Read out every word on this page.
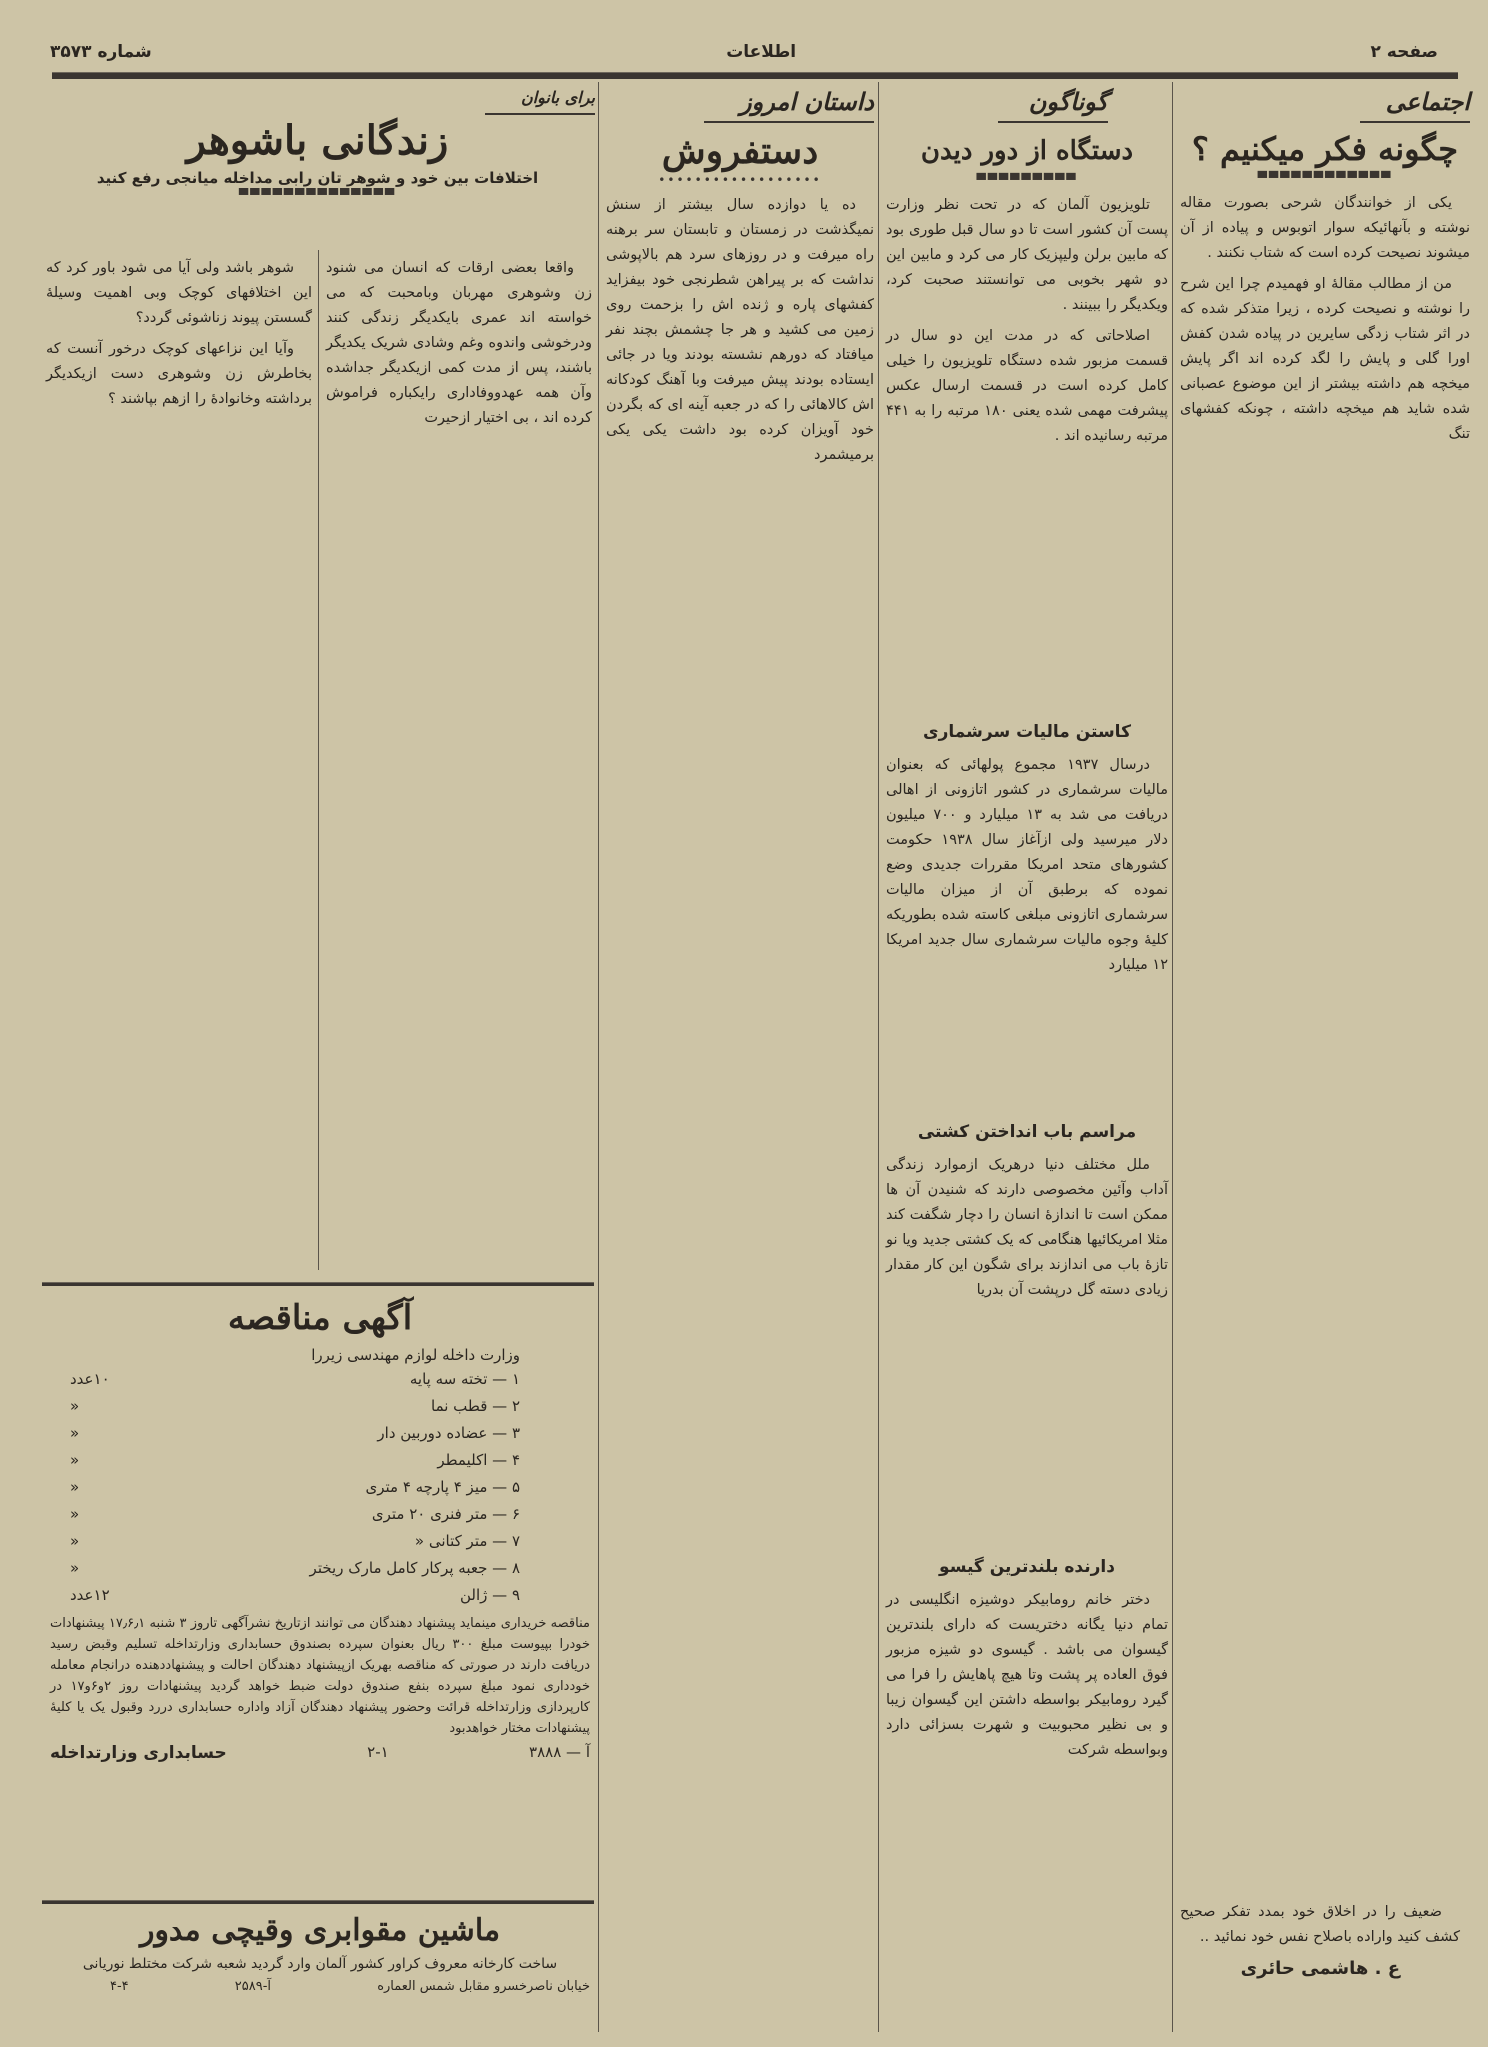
صفحه ۲
اطلاعات
شماره ۳۵۷۳
اجتماعی
چگونه فکر میکنیم ؟
▀▀▀▀▀▀▀▀▀▀▀▀

یکی از خوانندگان شرحی بصورت مقاله نوشته و بآنهائیکه سوار اتوبوس و پیاده از آن میشوند نصیحت کرده است که شتاب نکنند .

من از مطالب مقالهٔ او فهمیدم چرا این شرح را نوشته و نصیحت کرده ، زیرا متذکر شده که در اثر شتاب زدگی سایرین در پیاده شدن کفش اورا گلی و پایش را لگد کرده اند اگر پایش میخچه هم داشته بیشتر از این موضوع عصبانی شده شاید هم میخچه داشته ، چونکه کفشهای تنگ

ضعیف را در اخلاق خود بمدد تفکر صحیح کشف کنید واراده باصلاح نفس خود نمائید ..

ع . هاشمی حائری
گوناگون
دستگاه از دور دیدن
▀▀▀▀▀▀▀▀▀

تلویزیون آلمان که در تحت نظر وزارت پست آن کشور است تا دو سال قبل طوری بود که مابین برلن ولیپزیک کار می کرد و مابین این دو شهر بخوبی می توانستند صحبت کرد، ویکدیگر را ببینند .

اصلاحاتی که در مدت این دو سال در قسمت مزبور شده دستگاه تلویزیون را خیلی کامل کرده است در قسمت ارسال عکس پیشرفت مهمی شده یعنی ۱۸۰ مرتبه را به ۴۴۱ مرتبه رسانیده اند .

کاستن مالیات سرشماری

درسال ۱۹۳۷ مجموع پولهائی که بعنوان مالیات سرشماری در کشور اتازونی از اهالی دریافت می شد به ۱۳ میلیارد و ۷۰۰ میلیون دلار میرسید ولی ازآغاز سال ۱۹۳۸ حکومت کشورهای متحد امریکا مقررات جدیدی وضع نموده که برطبق آن از میزان مالیات سرشماری اتازونی مبلغی کاسته شده بطوریکه کلیهٔ وجوه مالیات سرشماری سال جدید امریکا ۱۲ میلیارد

مراسم باب انداختن کشتی

ملل مختلف دنیا درهریک ازموارد زندگی آداب وآئین مخصوصی دارند که شنیدن آن ها ممکن است تا اندازهٔ انسان را دچار شگفت کند مثلا امریکائیها هنگامی که یک کشتی جدید ویا نو تازهٔ باب می اندازند برای شگون این کار مقدار زیادی دسته گل درپشت آن بدریا

دارنده بلندترین گیسو

دختر خانم رومابیکر دوشیزه انگلیسی در تمام دنیا یگانه دختریست که دارای بلندترین گیسوان می باشد . گیسوی دو شیزه مزبور فوق العاده پر پشت وتا هیچ پاهایش را فرا می گیرد رومابیکر بواسطه داشتن این گیسوان زیبا و بی نظیر محبوبیت و شهرت بسزائی دارد وبواسطه شرکت

داستان امروز
دستفروش
••••••••••••••••••

ده یا دوازده سال بیشتر از سنش نمیگذشت در زمستان و تابستان سر برهنه راه میرفت و در روزهای سرد هم بالاپوشی نداشت که بر پیراهن شطرنجی خود بیفزاید کفشهای پاره و ژنده اش را بزحمت روی زمین می کشید و هر جا چشمش بچند نفر میافتاد که دورهم نشسته بودند ویا در جائی ایستاده بودند پیش میرفت وبا آهنگ کودکانه اش کالاهائی را که در جعبه آینه ای که بگردن خود آویزان کرده بود داشت یکی یکی برمیشمرد

برای بانوان
زندگانی باشوهر
اختلافات بین خود و شوهر تان رابی مداخله میانجی رفع کنید
▀▀▀▀▀▀▀▀▀▀▀▀▀▀

واقعا بعضی ارقات که انسان می شنود زن وشوهری مهربان وبامحبت که می خواسته اند عمری بایکدیگر زندگی کنند ودرخوشی واندوه وغم وشادی شریک یکدیگر باشند، پس از مدت کمی ازیکدیگر جداشده وآن همه عهدووفاداری رایکباره فراموش کرده اند ، بی اختیار ازحیرت

شوهر باشد ولی آیا می شود باور کرد که این اختلافهای کوچک وبی اهمیت وسیلهٔ گسستن پیوند زناشوئی گردد؟

وآیا این نزاعهای کوچک درخور آنست که بخاطرش زن وشوهری دست ازیکدیگر برداشته وخانوادهٔ را ازهم بپاشند ؟

آگهی مناقصه
وزارت داخله لوازم مهندسی زیررا
۱ — تخته سه پایه
۱۰عدد
۲ — قطب نما
«
۳ — عضاده دوربین دار
«
۴ — اکلیمطر
«
۵ — میز ۴ پارچه ۴ متری
«
۶ — متر فنری ۲۰ متری
«
۷ — متر کتانی «
«
۸ — جعبه پرکار کامل مارک ریختر
«
۹ — ژالن
۱۲عدد

مناقصه خریداری مینماید پیشنهاد دهندگان می توانند ازتاریخ نشرآگهی تاروز ۳ شنبه ۱۷٫۶٫۱ پیشنهادات خودرا بپیوست مبلغ ۳۰۰ ریال بعنوان سپرده بصندوق حسابداری وزارتداخله تسلیم وقبض رسید دریافت دارند در صورتی که مناقصه بهریک ازپیشنهاد دهندگان احالت و پیشنهاددهنده درانجام معامله خودداری نمود مبلغ سپرده بنفع صندوق دولت ضبط خواهد گردید پیشنهادات روز ۲و۶و۱۷ در کارپردازی وزارتداخله قرائت وحضور پیشنهاد دهندگان آزاد واداره حسابداری دررد وقبول یک یا کلیهٔ پیشنهادات مختار خواهدبود

آ — ۳۸۸۸
۲-۱
حسابداری وزارتداخله
ماشین مقوابری وقیچی مدور
ساخت کارخانه معروف کراور کشور آلمان وارد گردید شعبه شرکت مختلط نوریانی
خیابان ناصرخسرو مقابل شمس العماره
آ-۲۵۸۹
۴-۴
